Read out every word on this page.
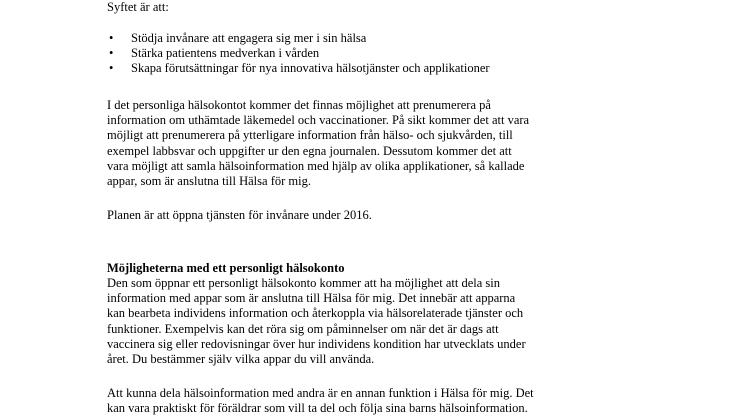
Syftet är att:

•	Stödja invånare att engagera sig mer i sin hälsa
•	Stärka patientens medverkan i vården
•	Skapa förutsättningar för nya innovativa hälsotjänster och applikationer

I det personliga hälsokontot kommer det finnas möjlighet att prenumerera på
information om uthämtade läkemedel och vaccinationer. På sikt kommer det att vara
möjligt att prenumerera på ytterligare information från hälso- och sjukvården, till
exempel labbsvar och uppgifter ur den egna journalen. Dessutom kommer det att
vara möjligt att samla hälsoinformation med hjälp av olika applikationer, så kallade
appar, som är anslutna till Hälsa för mig.

Planen är att öppna tjänsten för invånare under 2016.

Möjligheterna med ett personligt hälsokonto

Den som öppnar ett personligt hälsokonto kommer att ha möjlighet att dela sin
information med appar som är anslutna till Hälsa för mig. Det innebär att apparna
kan bearbeta individens information och återkoppla via hälsorelaterade tjänster och
funktioner. Exempelvis kan det röra sig om påminnelser om när det är dags att
vaccinera sig eller redovisningar över hur individens kondition har utvecklats under
året. Du bestämmer själv vilka appar du vill använda.

Att kunna dela hälsoinformation med andra är en annan funktion i Hälsa för mig. Det
kan vara praktiskt för föräldrar som vill ta del och följa sina barns hälsoinformation.
